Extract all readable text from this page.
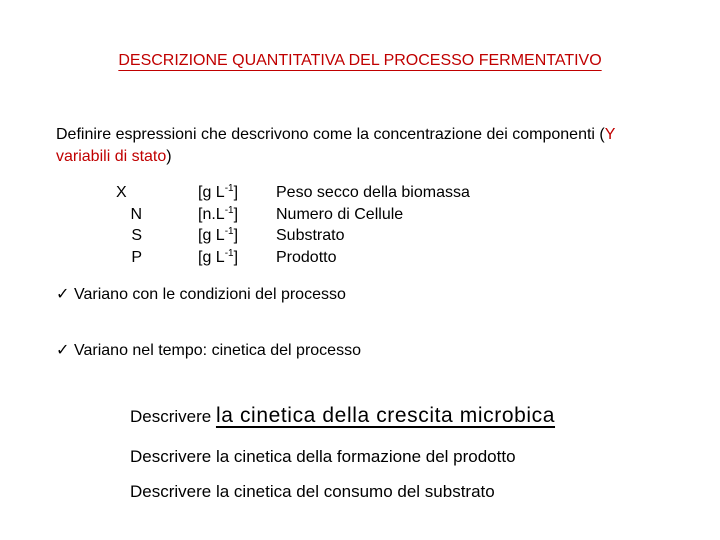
DESCRIZIONE QUANTITATIVA DEL PROCESSO FERMENTATIVO
Definire espressioni che descrivono come la concentrazione dei componenti (Y
variabili di stato)
X
N
S
P
[g $L^{-1}$]
$[n.L^{-1}]$
[g $L^{-1}$]
[g $L^{-1}$]
Peso secco della biomassa
Numero di Cellule
Substrato
Prodotto
✓ Variano con le condizioni del processo
✓ Variano nel tempo: cinetica del processo
Descrivere la cinetica della crescita microbica
Descrivere la cinetica della formazione del prodotto
Descrivere la cinetica del consumo del substrato
